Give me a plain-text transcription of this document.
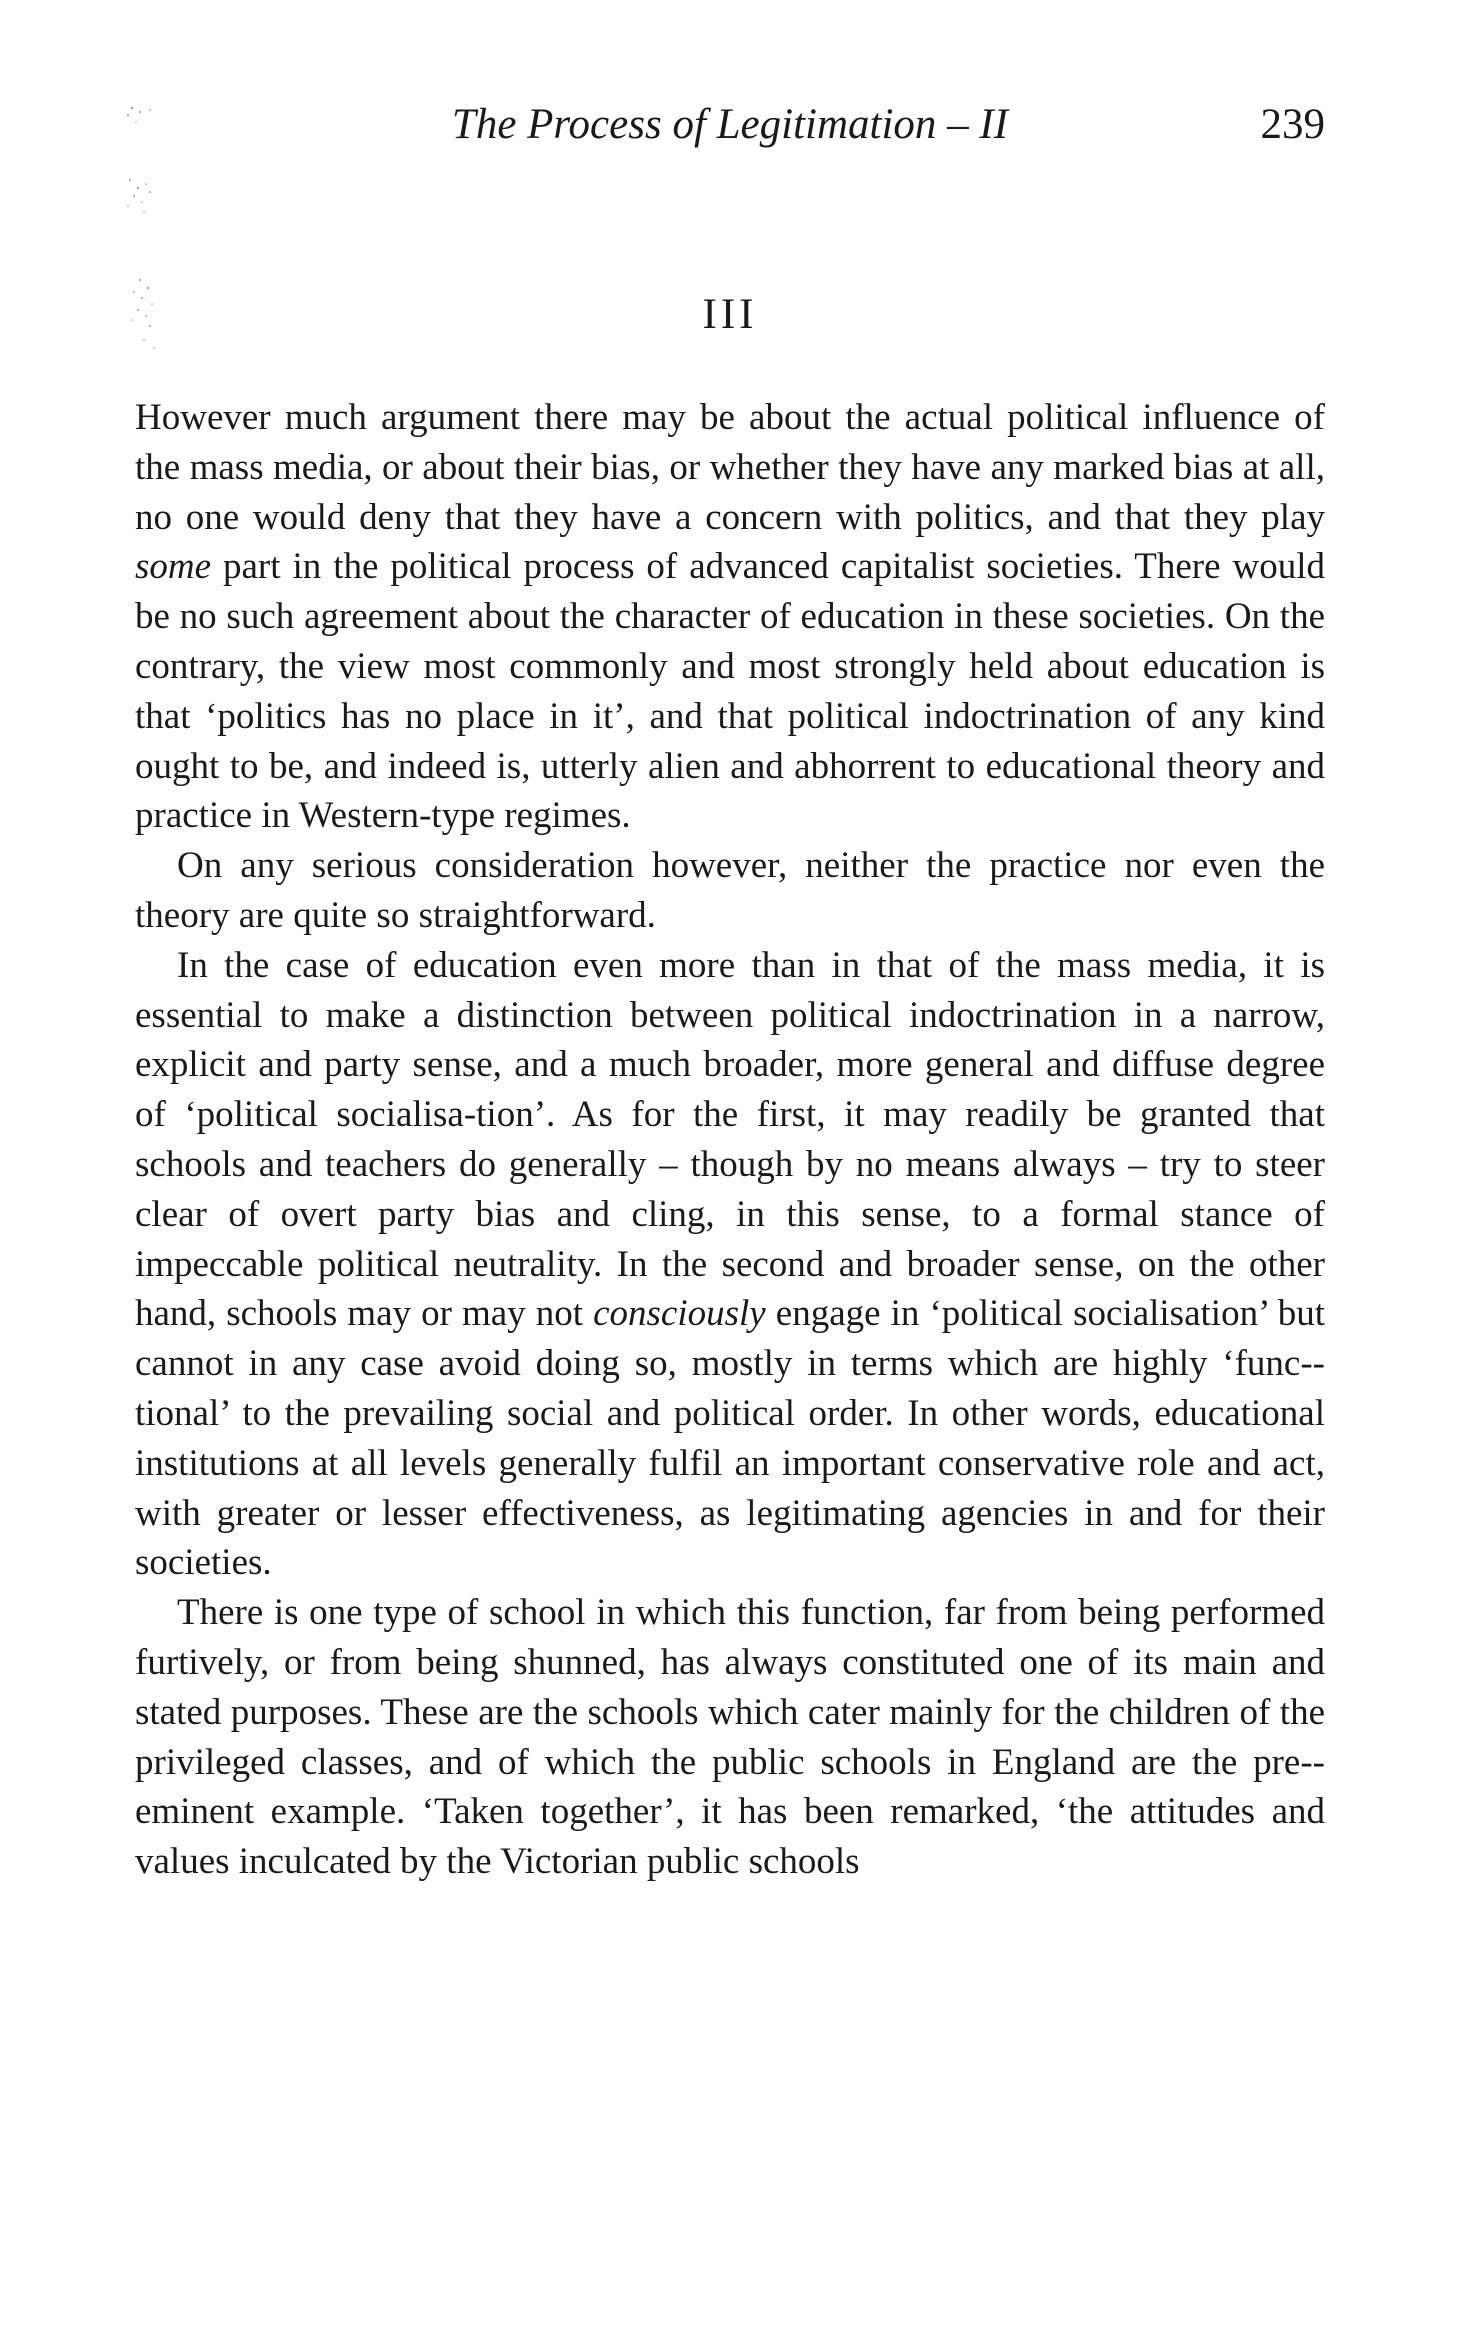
The Process of Legitimation – II	239
III

However much argument there may be about the actual political influence of the mass media, or about their bias, or whether they have any marked bias at all, no one would deny that they have a concern with politics, and that they play some part in the political process of advanced capitalist societies. There would be no such agreement about the character of education in these societies. On the contrary, the view most commonly and most strongly held about education is that ‘politics has no place in it’, and that political indoctrination of any kind ought to be, and indeed is, utterly alien and abhorrent to educational theory and practice in Western-type regimes.

On any serious consideration however, neither the practice nor even the theory are quite so straightforward.

In the case of education even more than in that of the mass media, it is essential to make a distinction between political indoctrination in a narrow, explicit and party sense, and a much broader, more general and diffuse degree of ‘political socialisa-tion’. As for the first, it may readily be granted that schools and teachers do generally – though by no means always – try to steer clear of overt party bias and cling, in this sense, to a formal stance of impeccable political neutrality. In the second and broader sense, on the other hand, schools may or may not consciously engage in ‘political socialisation’ but cannot in any case avoid doing so, mostly in terms which are highly ‘func-tional’ to the prevailing social and political order. In other words, educational institutions at all levels generally fulfil an important conservative role and act, with greater or lesser effectiveness, as legitimating agencies in and for their societies.

There is one type of school in which this function, far from being performed furtively, or from being shunned, has always constituted one of its main and stated purposes. These are the schools which cater mainly for the children of the privileged classes, and of which the public schools in England are the pre-eminent example. ‘Taken together’, it has been remarked, ‘the attitudes and values inculcated by the Victorian public schools
